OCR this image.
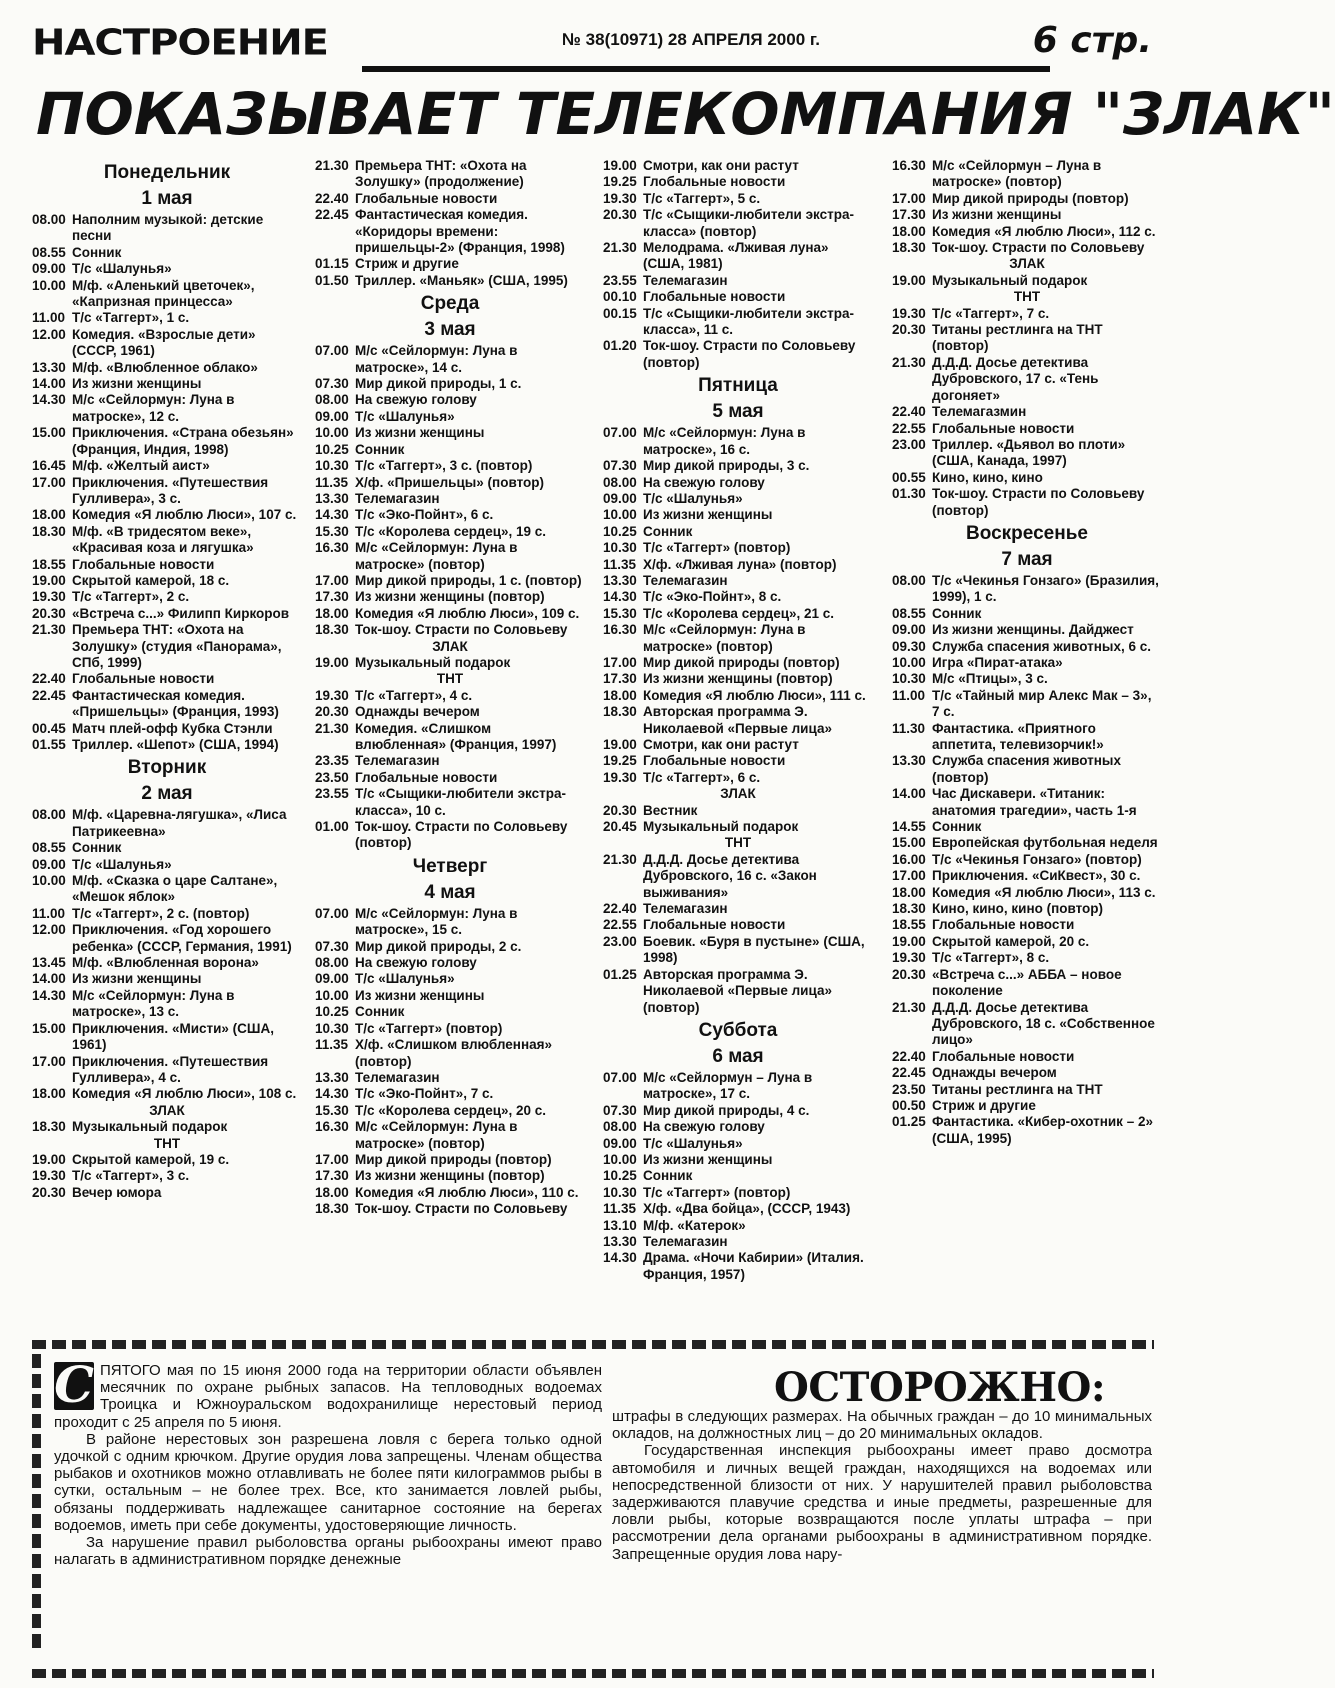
НАСТРОЕНИЕ	№ 38(10971) 28 АПРЕЛЯ 2000 г.	6 стр.
ПОКАЗЫВАЕТ ТЕЛЕКОМПАНИЯ "ЗЛАК"
Понедельник
1 мая
08.00 Наполним музыкой: детские песни
08.55 Сонник
09.00 Т/с «Шалунья»
10.00 М/ф. «Аленький цветочек», «Капризная принцесса»
11.00 Т/с «Таггерт», 1 с.
12.00 Комедия. «Взрослые дети» (СССР, 1961)
13.30 М/ф. «Влюбленное облако»
14.00 Из жизни женщины
14.30 М/с «Сейлормун: Луна в матроске», 12 с.
15.00 Приключения. «Страна обезьян» (Франция, Индия, 1998)
16.45 М/ф. «Желтый аист»
17.00 Приключения. «Путешествия Гулливера», 3 с.
18.00 Комедия «Я люблю Люси», 107 с.
18.30 М/ф. «В тридесятом веке», «Красивая коза и лягушка»
18.55 Глобальные новости
19.00 Скрытой камерой, 18 с.
19.30 Т/с «Таггерт», 2 с.
20.30 «Встреча с...» Филипп Киркоров
21.30 Премьера ТНТ: «Охота на Золушку» (студия «Панорама», СПб, 1999)
22.40 Глобальные новости
22.45 Фантастическая комедия. «Пришельцы» (Франция, 1993)
00.45 Матч плей-офф Кубка Стэнли
01.55 Триллер. «Шепот» (США, 1994)
Вторник
2 мая
08.00 М/ф. «Царевна-лягушка», «Лиса Патрикеевна»
08.55 Сонник
09.00 Т/с «Шалунья»
10.00 М/ф. «Сказка о царе Салтане», «Мешок яблок»
11.00 Т/с «Таггерт», 2 с. (повтор)
12.00 Приключения. «Год хорошего ребенка» (СССР, Германия, 1991)
13.45 М/ф. «Влюбленная ворона»
14.00 Из жизни женщины
14.30 М/с «Сейлормун: Луна в матроске», 13 с.
15.00 Приключения. «Мисти» (США, 1961)
17.00 Приключения. «Путешествия Гулливера», 4 с.
18.00 Комедия «Я люблю Люси», 108 с.
ЗЛАК
18.30 Музыкальный подарок
ТНТ
19.00 Скрытой камерой, 19 с.
19.30 Т/с «Таггерт», 3 с.
20.30 Вечер юмора
21.30 Премьера ТНТ: «Охота на Золушку» (продолжение)
22.40 Глобальные новости
22.45 Фантастическая комедия. «Коридоры времени: пришельцы-2» (Франция, 1998)
01.15 Стриж и другие
01.50 Триллер. «Маньяк» (США, 1995)
Среда
3 мая
07.00 М/с «Сейлормун: Луна в матроске», 14 с.
07.30 Мир дикой природы, 1 с.
08.00 На свежую голову
09.00 Т/с «Шалунья»
10.00 Из жизни женщины
10.25 Сонник
10.30 Т/с «Таггерт», 3 с. (повтор)
11.35 Х/ф. «Пришельцы» (повтор)
13.30 Телемагазин
14.30 Т/с «Эко-Пойнт», 6 с.
15.30 Т/с «Королева сердец», 19 с.
16.30 М/с «Сейлормун: Луна в матроске» (повтор)
17.00 Мир дикой природы, 1 с. (повтор)
17.30 Из жизни женщины (повтор)
18.00 Комедия «Я люблю Люси», 109 с.
18.30 Ток-шоу. Страсти по Соловьеву
ЗЛАК
19.00 Музыкальный подарок
ТНТ
19.30 Т/с «Таггерт», 4 с.
20.30 Однажды вечером
21.30 Комедия. «Слишком влюбленная» (Франция, 1997)
23.35 Телемагазин
23.50 Глобальные новости
23.55 Т/с «Сыщики-любители экстра-класса», 10 с.
01.00 Ток-шоу. Страсти по Соловьеву (повтор)
Четверг
4 мая
07.00 М/с «Сейлормун: Луна в матроске», 15 с.
07.30 Мир дикой природы, 2 с.
08.00 На свежую голову
09.00 Т/с «Шалунья»
10.00 Из жизни женщины
10.25 Сонник
10.30 Т/с «Таггерт» (повтор)
11.35 Х/ф. «Слишком влюбленная» (повтор)
13.30 Телемагазин
14.30 Т/с «Эко-Пойнт», 7 с.
15.30 Т/с «Королева сердец», 20 с.
16.30 М/с «Сейлормун: Луна в матроске» (повтор)
17.00 Мир дикой природы (повтор)
17.30 Из жизни женщины (повтор)
18.00 Комедия «Я люблю Люси», 110 с.
18.30 Ток-шоу. Страсти по Соловьеву
19.00 Смотри, как они растут
19.25 Глобальные новости
19.30 Т/с «Таггерт», 5 с.
20.30 Т/с «Сыщики-любители экстра-класса» (повтор)
21.30 Мелодрама. «Лживая луна» (США, 1981)
23.55 Телемагазин
00.10 Глобальные новости
00.15 Т/с «Сыщики-любители экстра-класса», 11 с.
01.20 Ток-шоу. Страсти по Соловьеву (повтор)
Пятница
5 мая
07.00 М/с «Сейлормун: Луна в матроске», 16 с.
07.30 Мир дикой природы, 3 с.
08.00 На свежую голову
09.00 Т/с «Шалунья»
10.00 Из жизни женщины
10.25 Сонник
10.30 Т/с «Таггерт» (повтор)
11.35 Х/ф. «Лживая луна» (повтор)
13.30 Телемагазин
14.30 Т/с «Эко-Пойнт», 8 с.
15.30 Т/с «Королева сердец», 21 с.
16.30 М/с «Сейлормун: Луна в матроске» (повтор)
17.00 Мир дикой природы (повтор)
17.30 Из жизни женщины (повтор)
18.00 Комедия «Я люблю Люси», 111 с.
18.30 Авторская программа Э. Николаевой «Первые лица»
19.00 Смотри, как они растут
19.25 Глобальные новости
19.30 Т/с «Таггерт», 6 с.
ЗЛАК
20.30 Вестник
20.45 Музыкальный подарок
ТНТ
21.30 Д.Д.Д. Досье детектива Дубровского, 16 с. «Закон выживания»
22.40 Телемагазин
22.55 Глобальные новости
23.00 Боевик. «Буря в пустыне» (США, 1998)
01.25 Авторская программа Э. Николаевой «Первые лица» (повтор)
Суббота
6 мая
07.00 М/с «Сейлормун – Луна в матроске», 17 с.
07.30 Мир дикой природы, 4 с.
08.00 На свежую голову
09.00 Т/с «Шалунья»
10.00 Из жизни женщины
10.25 Сонник
10.30 Т/с «Таггерт» (повтор)
11.35 Х/ф. «Два бойца», (СССР, 1943)
13.10 М/ф. «Катерок»
13.30 Телемагазин
14.30 Драма. «Ночи Кабирии» (Италия. Франция, 1957)
16.30 М/с «Сейлормун – Луна в матроске» (повтор)
17.00 Мир дикой природы (повтор)
17.30 Из жизни женщины
18.00 Комедия «Я люблю Люси», 112 с.
18.30 Ток-шоу. Страсти по Соловьеву
ЗЛАК
19.00 Музыкальный подарок
ТНТ
19.30 Т/с «Таггерт», 7 с.
20.30 Титаны рестлинга на ТНТ (повтор)
21.30 Д.Д.Д. Досье детектива Дубровского, 17 с. «Тень догоняет»
22.40 Телемагазмин
22.55 Глобальные новости
23.00 Триллер. «Дьявол во плоти» (США, Канада, 1997)
00.55 Кино, кино, кино
01.30 Ток-шоу. Страсти по Соловьеву (повтор)
Воскресенье
7 мая
08.00 Т/с «Чекинья Гонзаго» (Бразилия, 1999), 1 с.
08.55 Сонник
09.00 Из жизни женщины. Дайджест
09.30 Служба спасения животных, 6 с.
10.00 Игра «Пират-атака»
10.30 М/с «Птицы», 3 с.
11.00 Т/с «Тайный мир Алекс Мак – 3», 7 с.
11.30 Фантастика. «Приятного аппетита, телевизорчик!»
13.30 Служба спасения животных (повтор)
14.00 Час Дискавери. «Титаник: анатомия трагедии», часть 1-я
14.55 Сонник
15.00 Европейская футбольная неделя
16.00 Т/с «Чекинья Гонзаго» (повтор)
17.00 Приключения. «СиКвест», 30 с.
18.00 Комедия «Я люблю Люси», 113 с.
18.30 Кино, кино, кино (повтор)
18.55 Глобальные новости
19.00 Скрытой камерой, 20 с.
19.30 Т/с «Таггерт», 8 с.
20.30 «Встреча с...» АББА – новое поколение
21.30 Д.Д.Д. Досье детектива Дубровского, 18 с. «Собственное лицо»
22.40 Глобальные новости
22.45 Однажды вечером
23.50 Титаны рестлинга на ТНТ
00.50 Стриж и другие
01.25 Фантастика. «Кибер-охотник – 2» (США, 1995)
С ПЯТОГО мая по 15 июня 2000 года на территории области объявлен месячник по охране рыбных запасов. На тепловодных водоемах Троицка и Южноуральском водохранилище нерестовый период проходит с 25 апреля по 5 июня.

В районе нерестовых зон разрешена ловля с берега только одной удочкой с одним крючком. Другие орудия лова запрещены. Членам общества рыбаков и охотников можно отлавливать не более пяти килограммов рыбы в сутки, остальным – не более трех. Все, кто занимается ловлей рыбы, обязаны поддерживать надлежащее санитарное состояние на берегах водоемов, иметь при себе документы, удостоверяющие личность.

За нарушение правил рыболовства органы рыбоохраны имеют право налагать в административном порядке денежные

ОСТОРОЖНО:

штрафы в следующих размерах. На обычных граждан – до 10 минимальных окладов, на должностных лиц – до 20 минимальных окладов.

Государственная инспекция рыбоохраны имеет право досмотра автомобиля и личных вещей граждан, находящихся на водоемах или непосредственной близости от них. У нарушителей правил рыболовства задерживаются плавучие средства и иные предметы, разрешенные для ловли рыбы, которые возвращаются после уплаты штрафа – при рассмотрении дела органами рыбоохраны в административном порядке. Запрещенные орудия лова нару-
